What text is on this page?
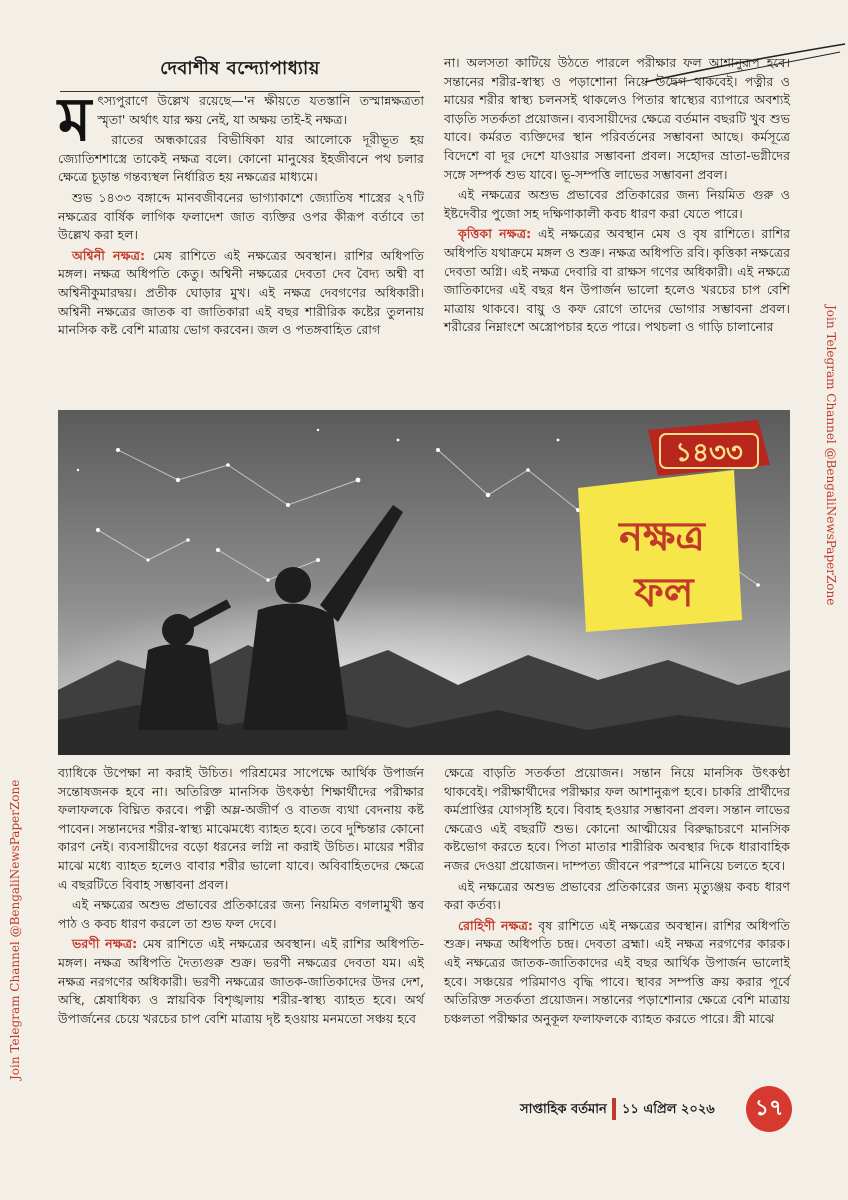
দেবাশীষ বন্দ্যোপাধ্যায়

মৎস্যপুরাণে উল্লেখ রয়েছে—'ন ক্ষীয়তে যতস্তানি তস্মান্নক্ষত্রতা স্মৃতা' অর্থাৎ যার ক্ষয় নেই, যা অক্ষয় তাই-ই নক্ষত্র।

রাতের অন্ধকারের বিভীষিকা যার আলোকে দূরীভূত হয় জ্যোতিশশাস্ত্রে তাকেই নক্ষত্র বলে। কোনো মানুষের ইহজীবনে পথ চলার ক্ষেত্রে চূড়ান্ত গন্তব্যস্থল নির্ধারিত হয় নক্ষত্রের মাধ্যমে।

শুভ ১৪৩৩ বঙ্গাব্দে মানবজীবনের ভাগ্যাকাশে জ্যোতিষ শাস্ত্রের ২৭টি নক্ষত্রের বার্ষিক লাগিক ফলাদেশ জাত ব্যক্তির ওপর কীরূপ বর্তাবে তা উল্লেখ করা হল।

অশ্বিনী নক্ষত্র: মেষ রাশিতে এই নক্ষত্রের অবস্থান। রাশির অধিপতি মঙ্গল। নক্ষত্র অধিপতি কেতু। অশ্বিনী নক্ষত্রের দেবতা দেব বৈদ্য অশ্বী বা অশ্বিনীকুমারদ্বয়। প্রতীক ঘোড়ার মুখ। এই নক্ষত্র দেবগণের অধিকারী। অশ্বিনী নক্ষত্রের জাতক বা জাতিকারা এই বছর শারীরিক কষ্টের তুলনায় মানসিক কষ্ট বেশি মাত্রায় ভোগ করবেন। জল ও পতঙ্গবাহিত রোগ

না। অলসতা কাটিয়ে উঠতে পারলে পরীক্ষার ফল আশানুরূপ হবে। সন্তানের শরীর-স্বাস্থ্য ও পড়াশোনা নিয়ে উদ্বেগ থাকবেই। পত্নীর ও মায়ের শরীর স্বাস্থ্য চলনসই থাকলেও পিতার স্বাস্থ্যের ব্যাপারে অবশ্যই বাড়তি সতর্কতা প্রয়োজন। ব্যবসায়ীদের ক্ষেত্রে বর্তমান বছরটি খুব শুভ যাবে। কর্মরত ব্যক্তিদের স্থান পরিবর্তনের সম্ভাবনা আছে। কর্মসূত্রে বিদেশে বা দূর দেশে যাওয়ার সম্ভাবনা প্রবল। সহোদর ভ্রাতা-ভগ্নীদের সঙ্গে সম্পর্ক শুভ যাবে। ভূ-সম্পত্তি লাভের সম্ভাবনা প্রবল।

এই নক্ষত্রের অশুভ প্রভাবের প্রতিকারের জন্য নিয়মিত গুরু ও ইষ্টদেবীর পুজো সহ দক্ষিণাকালী কবচ ধারণ করা যেতে পারে।

কৃত্তিকা নক্ষত্র: এই নক্ষত্রের অবস্থান মেষ ও বৃষ রাশিতে। রাশির অধিপতি যথাক্রমে মঙ্গল ও শুক্র। নক্ষত্র অধিপতি রবি। কৃত্তিকা নক্ষত্রের দেবতা অগ্নি। এই নক্ষত্র দেবারি বা রাক্ষস গণের অধিকারী। এই নক্ষত্রে জাতিকাদের এই বছর ধন উপার্জন ভালো হলেও খরচের চাপ বেশি মাত্রায় থাকবে। বায়ু ও কফ রোগে তাদের ভোগার সম্ভাবনা প্রবল। শরীরের নিম্নাংশে অস্ত্রোপচার হতে পারে। পথচলা ও গাড়ি চালানোর

১৪৩৩
নক্ষত্র
ফল

ব্যাধিকে উপেক্ষা না করাই উচিত। পরিশ্রমের সাপেক্ষে আর্থিক উপার্জন সন্তোষজনক হবে না। অতিরিক্ত মানসিক উৎকণ্ঠা শিক্ষার্থীদের পরীক্ষার ফলাফলকে বিঘ্নিত করবে। পত্নী অম্ল-অজীর্ণ ও বাতজ ব্যথা বেদনায় কষ্ট পাবেন। সন্তানদের শরীর-স্বাস্থ্য মাঝেমধ্যে ব্যাহত হবে। তবে দুশ্চিন্তার কোনো কারণ নেই। ব্যবসায়ীদের বড়ো ধরনের লগ্নি না করাই উচিত। মায়ের শরীর মাঝে মধ্যে ব্যাহত হলেও বাবার শরীর ভালো যাবে। অবিবাহিতদের ক্ষেত্রে এ বছরটিতে বিবাহ সম্ভাবনা প্রবল।

এই নক্ষত্রের অশুভ প্রভাবের প্রতিকারের জন্য নিয়মিত বগলামুখী স্তব পাঠ ও কবচ ধারণ করলে তা শুভ ফল দেবে।

ভরণী নক্ষত্র: মেষ রাশিতে এই নক্ষত্রের অবস্থান। এই রাশির অধিপতি-মঙ্গল। নক্ষত্র অধিপতি দৈত্যগুরু শুক্র। ভরণী নক্ষত্রের দেবতা যম। এই নক্ষত্র নরগণের অধিকারী। ভরণী নক্ষত্রের জাতক-জাতিকাদের উদর দেশ, অস্থি, শ্লেষাধিক্য ও স্নায়বিক বিশৃঙ্খলায় শরীর-স্বাস্থ্য ব্যাহত হবে। অর্থ উপার্জনের চেয়ে খরচের চাপ বেশি মাত্রায় দৃষ্ট হওয়ায় মনমতো সঞ্চয় হবে

ক্ষেত্রে বাড়তি সতর্কতা প্রয়োজন। সন্তান নিয়ে মানসিক উৎকণ্ঠা থাকবেই। পরীক্ষার্থীদের পরীক্ষার ফল আশানুরূপ হবে। চাকরি প্রার্থীদের কর্মপ্রাপ্তির যোগসৃষ্টি হবে। বিবাহ হওয়ার সম্ভাবনা প্রবল। সন্তান লাভের ক্ষেত্রেও এই বছরটি শুভ। কোনো আত্মীয়ের বিরুদ্ধাচরণে মানসিক কষ্টভোগ করতে হবে। পিতা মাতার শারীরিক অবস্থার দিকে ধারাবাহিক নজর দেওয়া প্রয়োজন। দাম্পত্য জীবনে পরস্পরে মানিয়ে চলতে হবে।

এই নক্ষত্রের অশুভ প্রভাবের প্রতিকারের জন্য মৃত্যুঞ্জয় কবচ ধারণ করা কর্তব্য।

রোহিণী নক্ষত্র: বৃষ রাশিতে এই নক্ষত্রের অবস্থান। রাশির অধিপতি শুক্র। নক্ষত্র অধিপতি চন্দ্র। দেবতা ব্রহ্মা। এই নক্ষত্র নরগণের কারক। এই নক্ষত্রের জাতক-জাতিকাদের এই বছর আর্থিক উপার্জন ভালোই হবে। সঞ্চয়ের পরিমাণও বৃদ্ধি পাবে। স্থাবর সম্পত্তি ক্রয় করার পূর্বে অতিরিক্ত সতর্কতা প্রয়োজন। সন্তানের পড়াশোনার ক্ষেত্রে বেশি মাত্রায় চঞ্চলতা পরীক্ষার অনুকূল ফলাফলকে ব্যাহত করতে পারে। স্ত্রী মাঝে

সাপ্তাহিক বর্তমান ১১ এপ্রিল ২০২৬	১৭
Join Telegram Channel @BengaliNewsPaperZone
Join Telegram Channel @BengaliNewsPaperZone
